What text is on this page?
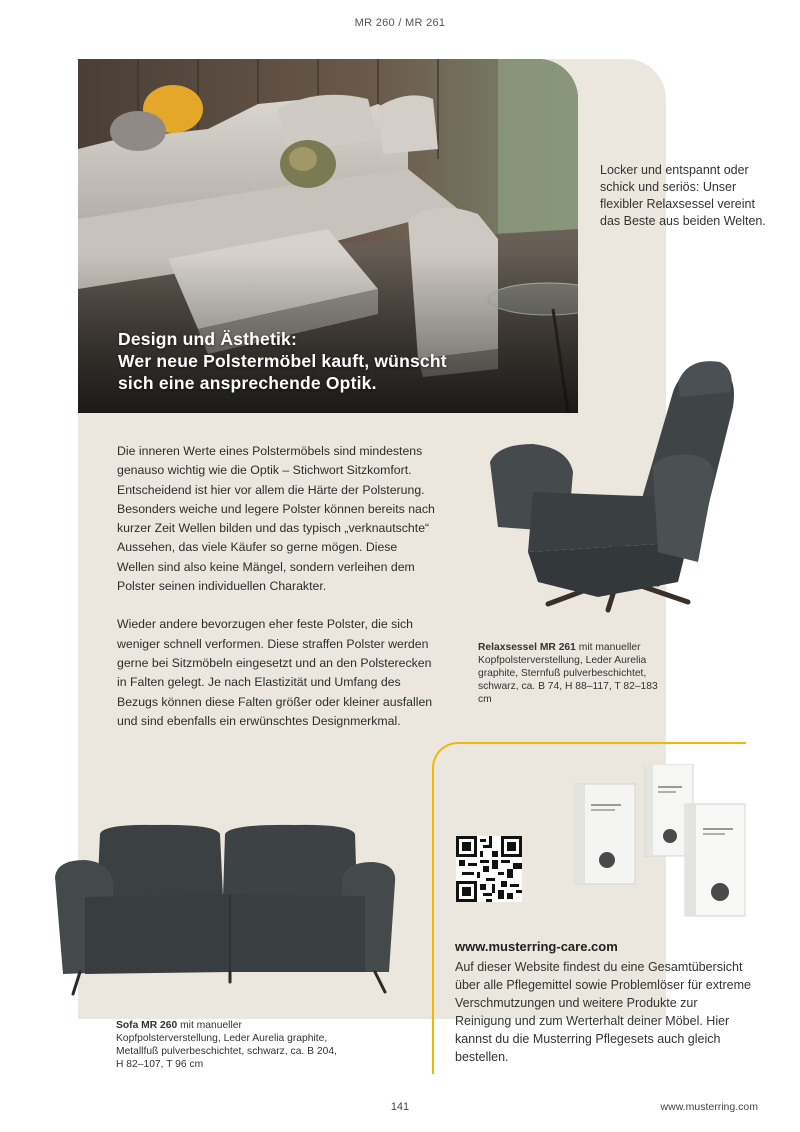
MR 260 / MR 261
Design und Ästhetik:
Wer neue Polstermöbel kauft, wünscht
sich eine ansprechende Optik.
Locker und entspannt oder schick und seriös: Unser flexibler Relaxsessel vereint das Beste aus beiden Welten.

Die inneren Werte eines Polstermöbels sind mindestens genauso wichtig wie die Optik – Stichwort Sitzkomfort. Entscheidend ist hier vor allem die Härte der Polsterung. Besonders weiche und legere Polster können bereits nach kurzer Zeit Wellen bilden und das typisch „verknautschte“ Aussehen, das viele Käufer so gerne mögen. Diese Wellen sind also keine Mängel, sondern verleihen dem Polster seinen individuellen Charakter.

Wieder andere bevorzugen eher feste Polster, die sich weniger schnell verformen. Diese straffen Polster werden gerne bei Sitzmöbeln eingesetzt und an den Polsterecken in Falten gelegt. Je nach Elastizität und Umfang des Bezugs können diese Falten größer oder kleiner ausfallen und sind ebenfalls ein erwünschtes Designmerkmal.

Relaxsessel MR 261 mit manueller Kopfpolsterverstellung, Leder Aurelia graphite, Sternfuß pulverbeschichtet, schwarz, ca. B 74, H 88–117, T 82–183 cm
Sofa MR 260 mit manueller Kopfpolsterverstellung, Leder Aurelia graphite, Metallfuß pulverbeschichtet, schwarz, ca. B 204, H 82–107, T 96 cm
www.musterring-care.com
Auf dieser Website findest du eine Gesamtübersicht über alle Pflegemittel sowie Problemlöser für extreme Verschmutzungen und weitere Produkte zur Reinigung und zum Werterhalt deiner Möbel. Hier kannst du die Musterring Pflegesets auch gleich bestellen.
141	www.musterring.com
